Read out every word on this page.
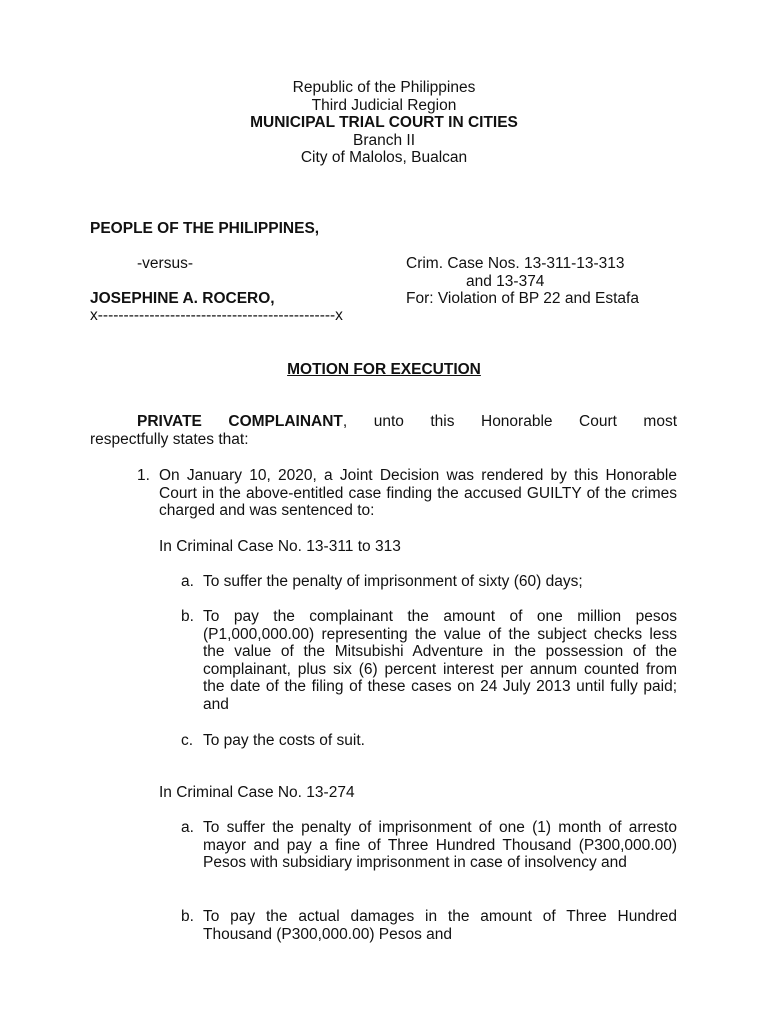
Republic of the Philippines
Third Judicial Region
MUNICIPAL TRIAL COURT IN CITIES
Branch II
City of Malolos, Bualcan
PEOPLE OF THE PHILIPPINES,
-versus-	Crim. Case Nos. 13-311-13-313
and 13-374
JOSEPHINE A. ROCERO,	For: Violation of BP 22 and Estafa
x----------------------------------------------x
MOTION FOR EXECUTION
PRIVATE COMPLAINANT, unto this Honorable Court most
respectfully states that:
1. On January 10, 2020, a Joint Decision was rendered by this Honorable Court in the above-entitled case finding the accused GUILTY of the crimes charged and was sentenced to:
In Criminal Case No. 13-311 to 313
a. To suffer the penalty of imprisonment of sixty (60) days;
b. To pay the complainant the amount of one million pesos (P1,000,000.00) representing the value of the subject checks less the value of the Mitsubishi Adventure in the possession of the complainant, plus six (6) percent interest per annum counted from the date of the filing of these cases on 24 July 2013 until fully paid; and
c. To pay the costs of suit.
In Criminal Case No. 13-274
a. To suffer the penalty of imprisonment of one (1) month of arresto mayor and pay a fine of Three Hundred Thousand (P300,000.00) Pesos with subsidiary imprisonment in case of insolvency and
b. To pay the actual damages in the amount of Three Hundred Thousand (P300,000.00) Pesos and
